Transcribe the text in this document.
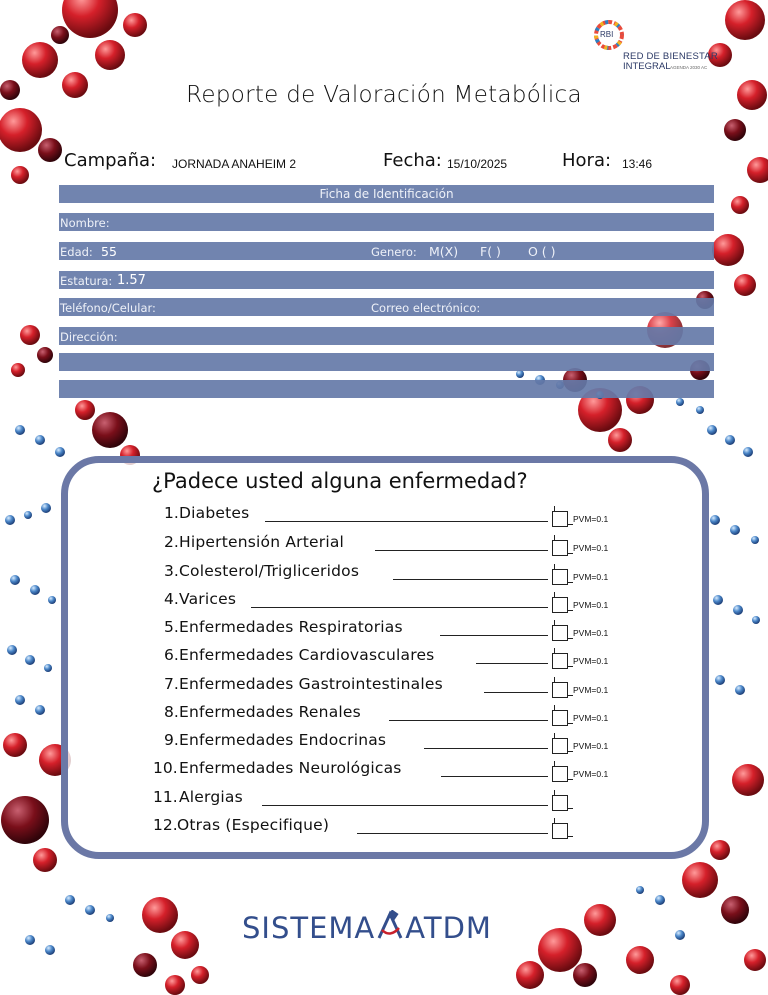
RBI
RED DE BIENESTAR
INTEGRAL AGENDA 2030 AC
Reporte de Valoración Metabólica
Campaña: JORNADA ANAHEIM 2	Fecha: 15/10/2025	Hora: 13:46
Ficha de Identificación
Nombre:
Edad: 55	Genero: M(X) F( ) O ( )
Estatura: 1.57
Teléfono/Celular:	Correo electrónico:
Dirección:
¿Padece usted alguna enfermedad?
1. Diabetes	PVM=0.1
2. Hipertensión Arterial	PVM=0.1
3. Colesterol/Trigliceridos	PVM=0.1
4. Varices	PVM=0.1
5. Enfermedades Respiratorias	PVM=0.1
6. Enfermedades Cardiovasculares	PVM=0.1
7. Enfermedades Gastrointestinales	PVM=0.1
8. Enfermedades Renales	PVM=0.1
9. Enfermedades Endocrinas	PVM=0.1
10. Enfermedades Neurológicas	PVM=0.1
11. Alergias
12. Otras (Especifique)
SISTEMA ATDM
